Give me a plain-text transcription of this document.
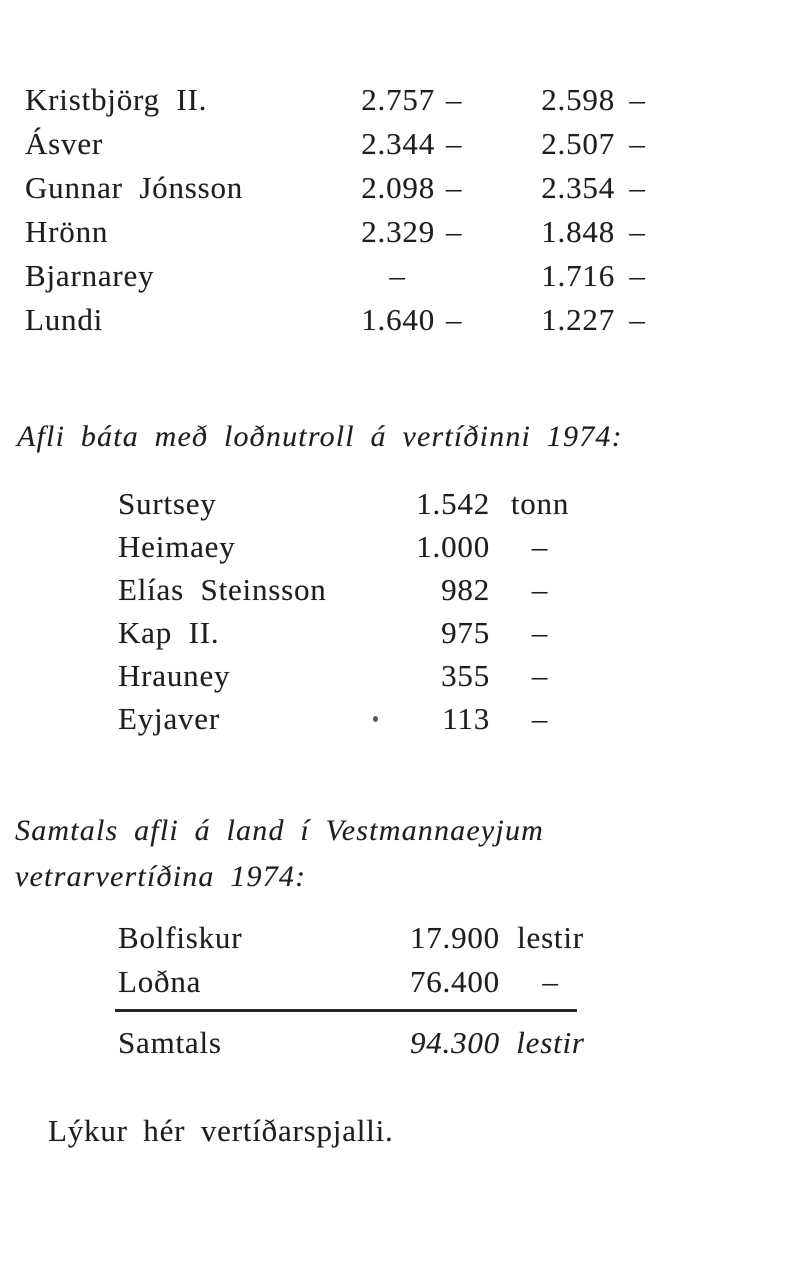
Kristbjörg II.	2.757 –	2.598 –
Ásver	2.344 –	2.507 –
Gunnar Jónsson	2.098 –	2.354 –
Hrönn	2.329 –	1.848 –
Bjarnarey	–	1.716 –
Lundi	1.640 –	1.227 –
Afli báta með loðnutroll á vertíðinni 1974:
Surtsey	1.542 tonn
Heimaey	1.000	–
Elías Steinsson	982	–
Kap II.	975	–
Hrauney	355	–
Eyjaver	113	–
Samtals afli á land í Vestmannaeyjum
vetrarvertíðina 1974:
Bolfiskur	17.900 lestir
Loðna	76.400	–
Samtals	94.300 lestir
Lýkur hér vertíðarspjalli.
